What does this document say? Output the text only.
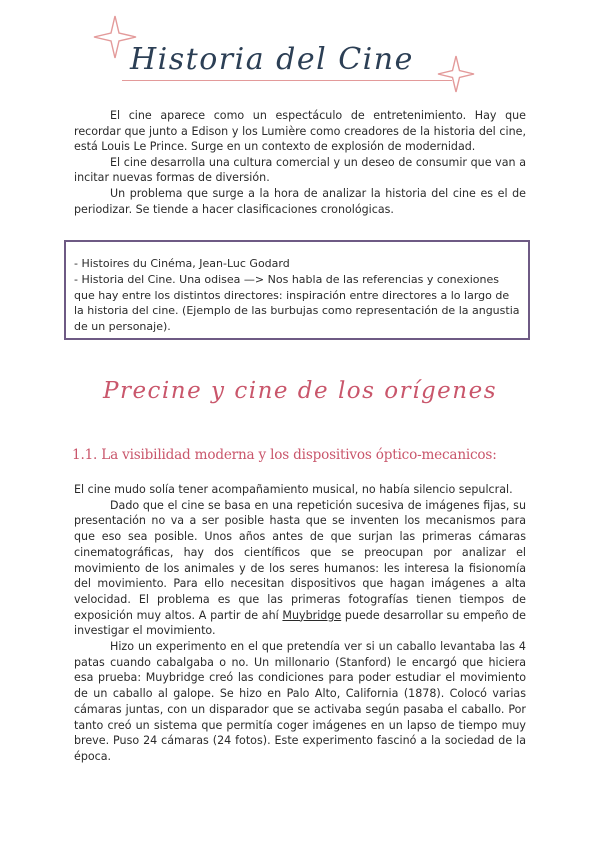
Historia del Cine

El cine aparece como un espectáculo de entretenimiento. Hay que recordar que junto a Edison y los Lumière como creadores de la historia del cine, está Louis Le Prince. Surge en un contexto de explosión de modernidad.

El cine desarrolla una cultura comercial y un deseo de consumir que van a incitar nuevas formas de diversión.

Un problema que surge a la hora de analizar la historia del cine es el de periodizar. Se tiende a hacer clasificaciones cronológicas.

- Histoires du Cinéma, Jean-Luc Godard

- Historia del Cine. Una odisea —> Nos habla de las referencias y conexiones que hay entre los distintos directores: inspiración entre directores a lo largo de la historia del cine. (Ejemplo de las burbujas como representación de la angustia de un personaje).

Precine y cine de los orígenes
1.1. La visibilidad moderna y los dispositivos óptico-mecanicos:

El cine mudo solía tener acompañamiento musical, no había silencio sepulcral.

Dado que el cine se basa en una repetición sucesiva de imágenes fijas, su presentación no va a ser posible hasta que se inventen los mecanismos para que eso sea posible. Unos años antes de que surjan las primeras cámaras cinematográficas, hay dos científicos que se preocupan por analizar el movimiento de los animales y de los seres humanos: les interesa la fisionomía del movimiento. Para ello necesitan dispositivos que hagan imágenes a alta velocidad. El problema es que las primeras fotografías tienen tiempos de exposición muy altos. A partir de ahí Muybridge puede desarrollar su empeño de investigar el movimiento.

Hizo un experimento en el que pretendía ver si un caballo levantaba las 4 patas cuando cabalgaba o no. Un millonario (Stanford) le encargó que hiciera esa prueba: Muybridge creó las condiciones para poder estudiar el movimiento de un caballo al galope. Se hizo en Palo Alto, California (1878). Colocó varias cámaras juntas, con un disparador que se activaba según pasaba el caballo. Por tanto creó un sistema que permitía coger imágenes en un lapso de tiempo muy breve. Puso 24 cámaras (24 fotos). Este experimento fascinó a la sociedad de la época.
